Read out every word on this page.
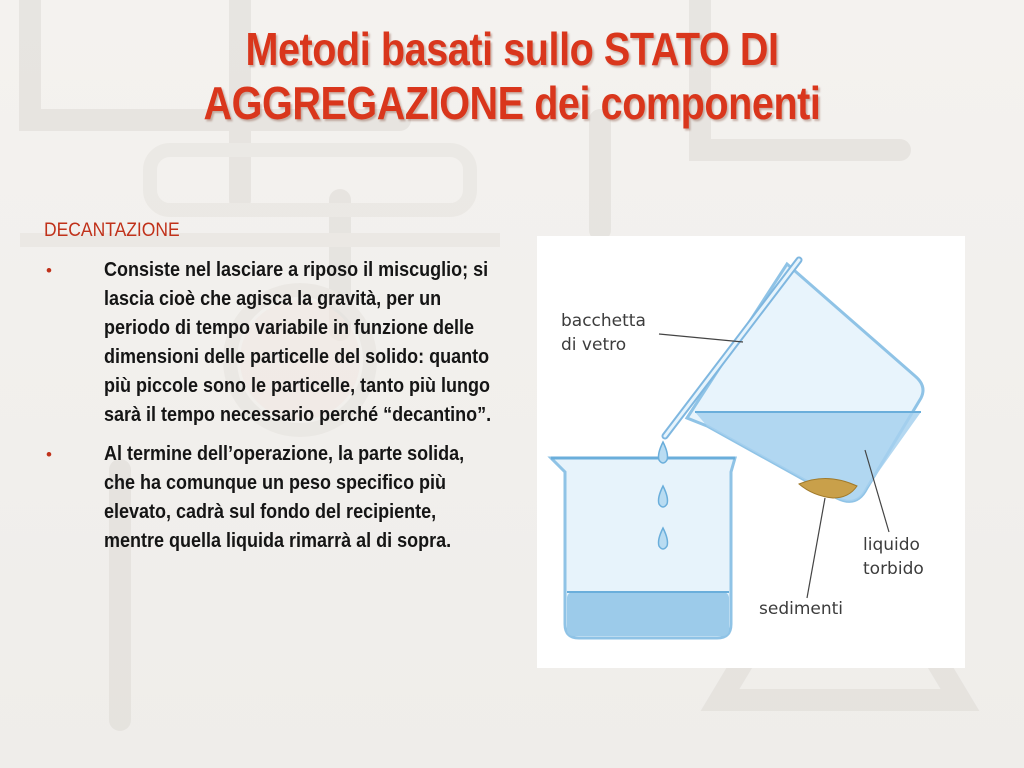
Metodi basati sullo STATO DI
AGGREGAZIONE dei componenti
DECANTAZIONE
•	Consiste nel lasciare a riposo il miscuglio; si lascia cioè che agisca la gravità, per un periodo di tempo variabile in funzione delle dimensioni delle particelle del solido: quanto più piccole sono le particelle, tanto più lungo sarà il tempo necessario perché “decantino”.
•	Al termine dell’operazione, la parte solida, che ha comunque un peso specifico più elevato, cadrà sul fondo del recipiente, mentre quella liquida rimarrà al di sopra.
bacchetta
di vetro
liquido
torbido
sedimenti
